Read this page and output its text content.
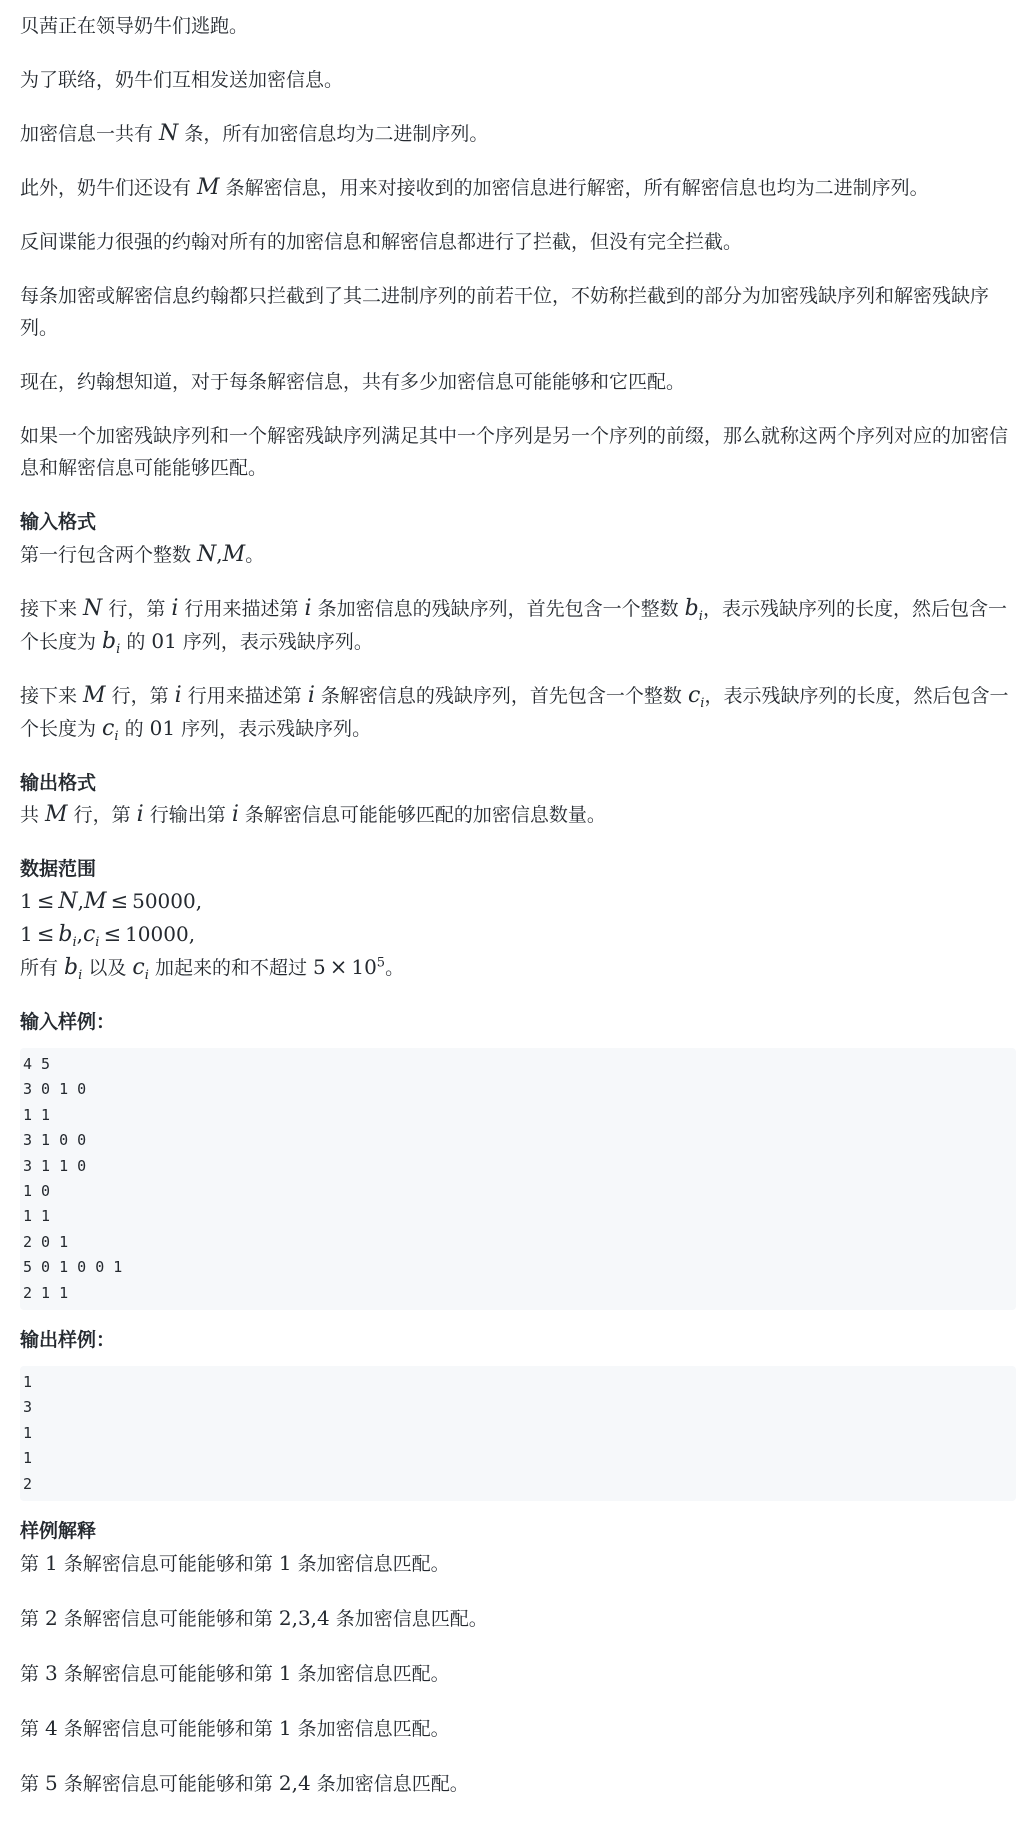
贝茜正在领导奶牛们逃跑。

为了联络，奶牛们互相发送加密信息。

加密信息一共有 N 条，所有加密信息均为二进制序列。

此外，奶牛们还设有 M 条解密信息，用来对接收到的加密信息进行解密，所有解密信息也均为二进制序列。

反间谍能力很强的约翰对所有的加密信息和解密信息都进行了拦截，但没有完全拦截。

每条加密或解密信息约翰都只拦截到了其二进制序列的前若干位，不妨称拦截到的部分为加密残缺序列和解密残缺序列。

现在，约翰想知道，对于每条解密信息，共有多少加密信息可能能够和它匹配。

如果一个加密残缺序列和一个解密残缺序列满足其中一个序列是另一个序列的前缀，那么就称这两个序列对应的加密信息和解密信息可能能够匹配。

输入格式

第一行包含两个整数 N,M。

接下来 N 行，第 i 行用来描述第 i 条加密信息的残缺序列，首先包含一个整数 $b_i$，表示残缺序列的长度，然后包含一个长度为 $b_i$ 的 01 序列，表示残缺序列。

接下来 M 行，第 i 行用来描述第 i 条解密信息的残缺序列，首先包含一个整数 $c_i$，表示残缺序列的长度，然后包含一个长度为 $c_i$ 的 01 序列，表示残缺序列。

输出格式

共 M 行，第 i 行输出第 i 条解密信息可能能够匹配的加密信息数量。

数据范围

1 ≤ N,M ≤ 50000,

$1 \le b_i,c_i \le 10000$,

所有 $b_i$ 以及 $c_i$ 加起来的和不超过 $5 \times 10^5$。

输入样例：
4 5
3 0 1 0
1 1
3 1 0 0
3 1 1 0
1 0
1 1
2 0 1
5 0 1 0 0 1
2 1 1
输出样例：
1
3
1
1
2
样例解释

第 1 条解密信息可能能够和第 1 条加密信息匹配。

第 2 条解密信息可能能够和第 2,3,4 条加密信息匹配。

第 3 条解密信息可能能够和第 1 条加密信息匹配。

第 4 条解密信息可能能够和第 1 条加密信息匹配。

第 5 条解密信息可能能够和第 2,4 条加密信息匹配。
